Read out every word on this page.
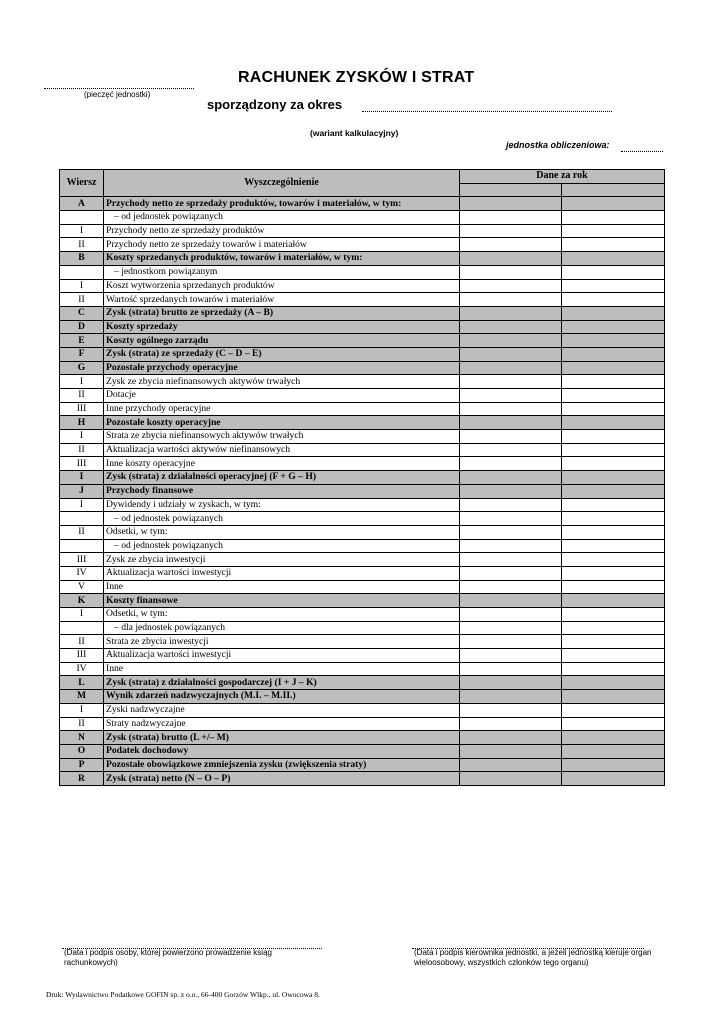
(pieczęć jednostki)
RACHUNEK ZYSKÓW I STRAT
sporządzony za okres
(wariant kalkulacyjny)
jednostka obliczeniowa:
Wiersz	Wyszczególnienie	Dane za rok	

A	Przychody netto ze sprzedaży produktów, towarów i materiałów, w tym:		
	– od jednostek powiązanych		
I	Przychody netto ze sprzedaży produktów		
II	Przychody netto ze sprzedaży towarów i materiałów		
B	Koszty sprzedanych produktów, towarów i materiałów, w tym:		
	– jednostkom powiązanym		
I	Koszt wytworzenia sprzedanych produktów		
II	Wartość sprzedanych towarów i materiałów		
C	Zysk (strata) brutto ze sprzedaży (A – B)		
D	Koszty sprzedaży		
E	Koszty ogólnego zarządu		
F	Zysk (strata) ze sprzedaży (C – D – E)		
G	Pozostałe przychody operacyjne		
I	Zysk ze zbycia niefinansowych aktywów trwałych		
II	Dotacje		
III	Inne przychody operacyjne		
H	Pozostałe koszty operacyjne		
I	Strata ze zbycia niefinansowych aktywów trwałych		
II	Aktualizacja wartości aktywów niefinansowych		
III	Inne koszty operacyjne		
I	Zysk (strata) z działalności operacyjnej (F + G – H)		
J	Przychody finansowe		
I	Dywidendy i udziały w zyskach, w tym:		
	– od jednostek powiązanych		
II	Odsetki, w tym:		
	– od jednostek powiązanych		
III	Zysk ze zbycia inwestycji		
IV	Aktualizacja wartości inwestycji		
V	Inne		
K	Koszty finansowe		
I	Odsetki, w tym:		
	– dla jednostek powiązanych		
II	Strata ze zbycia inwestycji		
III	Aktualizacja wartości inwestycji		
IV	Inne		
L	Zysk (strata) z działalności gospodarczej (I + J – K)		
M	Wynik zdarzeń nadzwyczajnych (M.I. – M.II.)		
I	Zyski nadzwyczajne		
II	Straty nadzwyczajne		
N	Zysk (strata) brutto (L +/– M)		
O	Podatek dochodowy		
P	Pozostałe obowiązkowe zmniejszenia zysku (zwiększenia straty)		
R	Zysk (strata) netto (N – O – P)		
(Data i podpis osoby, której powierzono prowadzenie ksiąg rachunkowych)
(Data i podpis kierownika jednostki, a jeżeli jednostką kieruje organ wieloosobowy, wszystkich członków tego organu)
Druk: Wydawnictwo Podatkowe GOFIN sp. z o.o., 66-400 Gorzów Wlkp., ul. Owocowa 8.
